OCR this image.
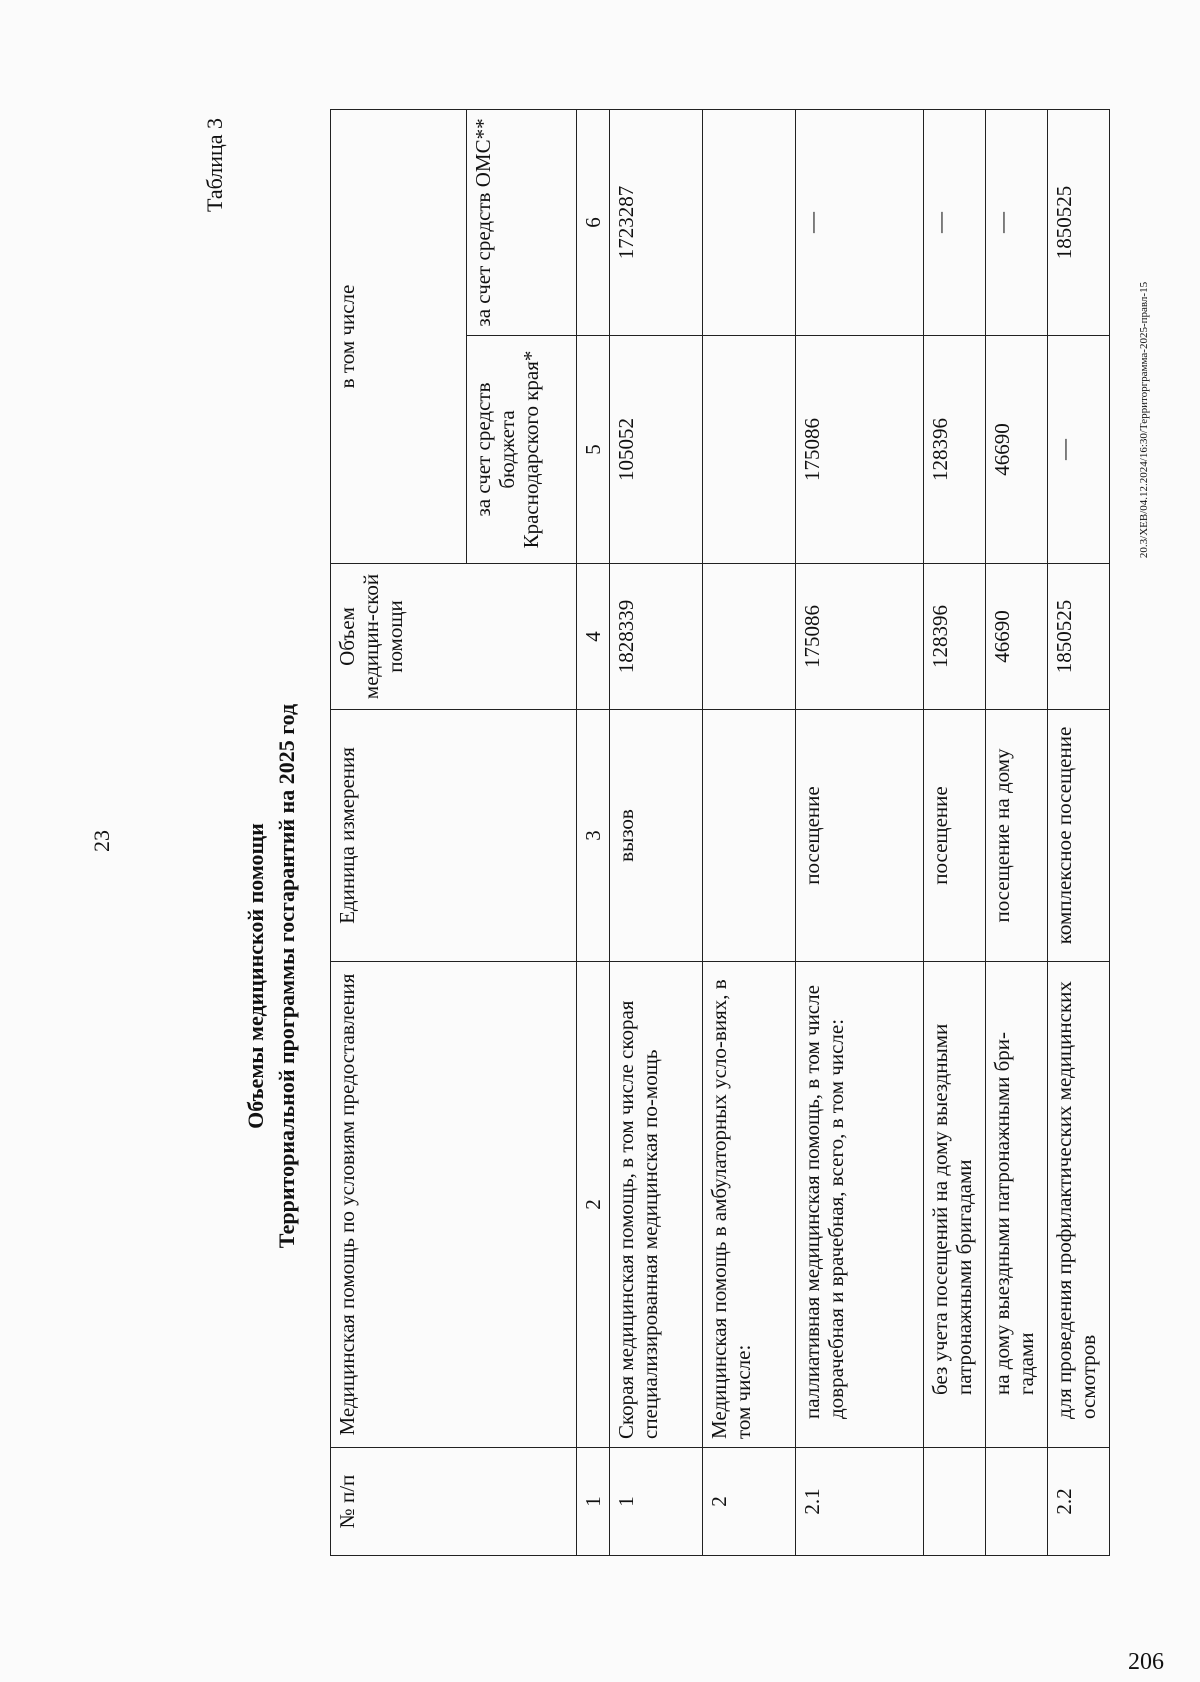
23
206
20.3/ХЕВ/04.12.2024/16:30/Территорграмма-2025-правл-15
Таблица 3
Объемы медицинской помощи Территориальной программы госгарантий на 2025 год
№ п/п	Медицинская помощь по условиям предоставления	Единица измерения	Объем медицин-ской помощи	в том числе	
				за счет средств бюджета Краснодарского края*	за счет средств ОМС**
1	2	3	4	5	6
1	Скорая медицинская помощь, в том числе скорая специализированная медицинская по-мощь	вызов	1828339	105052	1723287
2	Медицинская помощь в амбулаторных усло-виях, в том числе:				
2.1	паллиативная медицинская помощь, в том числе доврачебная и врачебная, всего, в том числе:	посещение	175086	175086	—
	без учета посещений на дому выездными патронажными бригадами	посещение	128396	128396	—
	на дому выездными патронажными бри-гадами	посещение на дому	46690	46690	—
2.2	для проведения профилактических медицинских осмотров	комплексное посещение	1850525	—	1850525
